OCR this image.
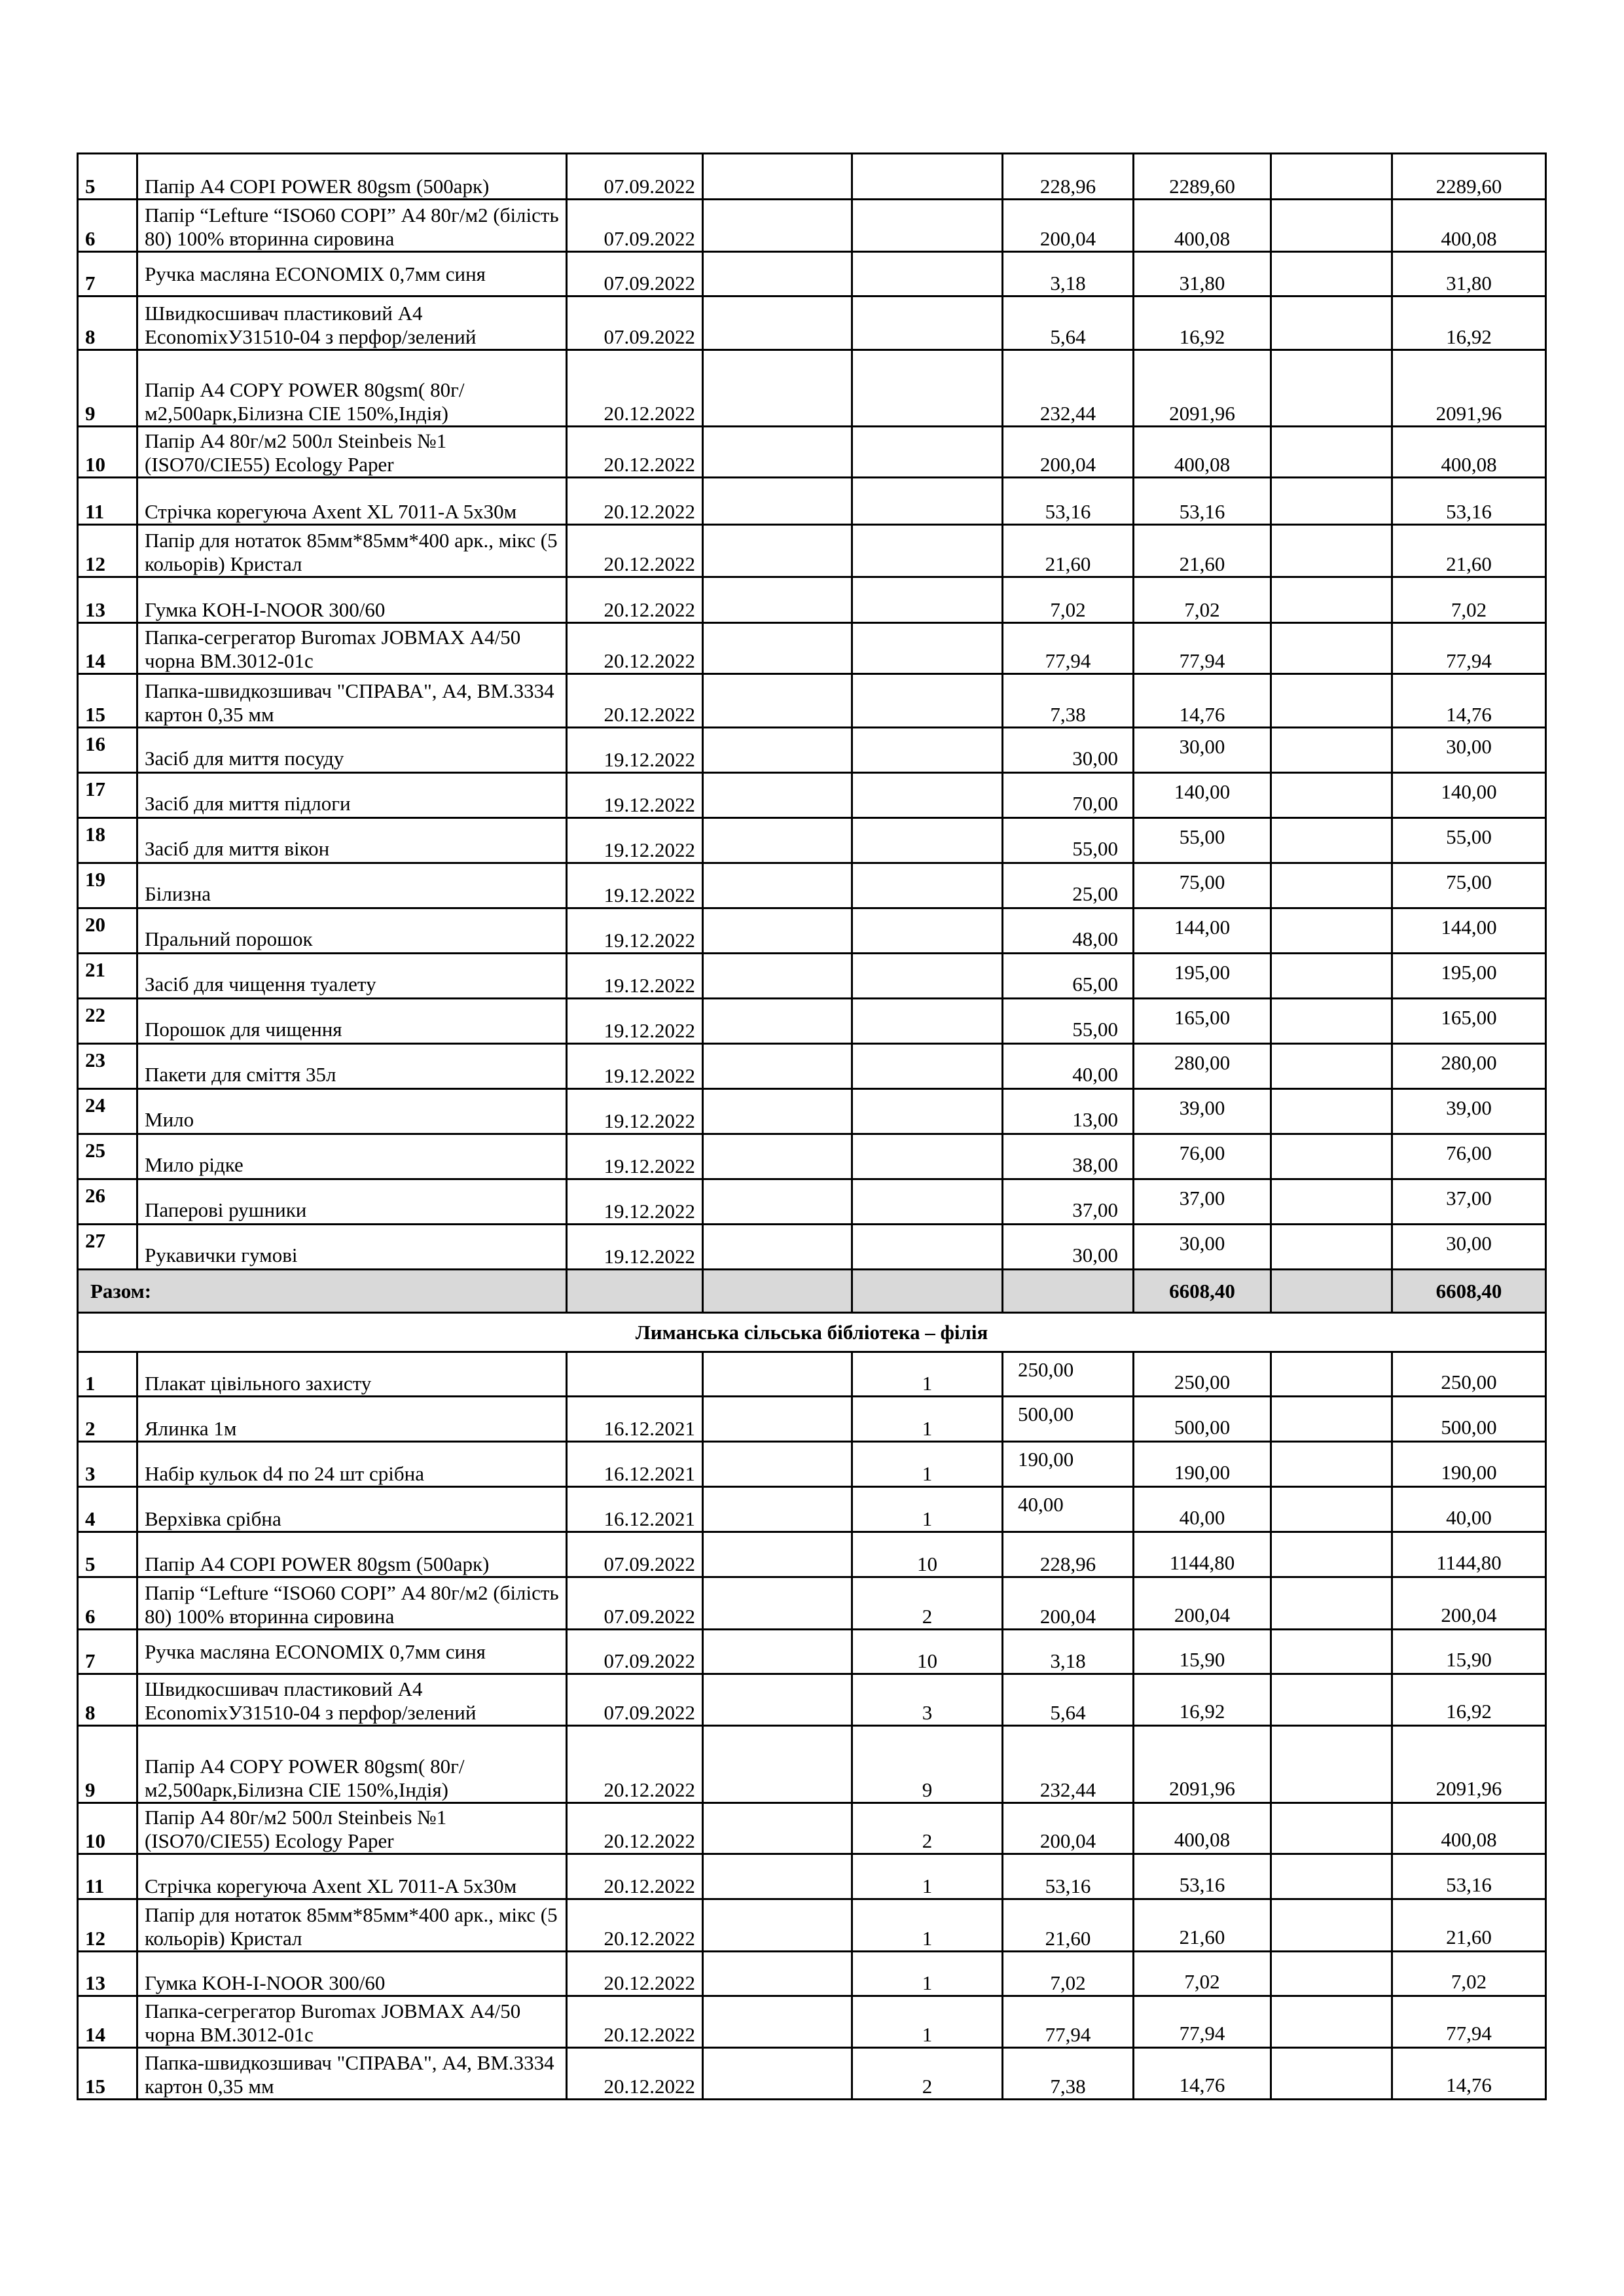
5	Папір А4 COPI POWER 80gsm (500арк)	07.09.2022			228,96	2289,60		2289,60
6	Папір “Lefture “ISO60 COPI” А4 80г/м2 (білість 80) 100% вторинна сировина	07.09.2022			200,04	400,08		400,08
7	Ручка масляна ECONOMIX 0,7мм синя	07.09.2022			3,18	31,80		31,80
8	Швидкосшивач пластиковий А4 EconomixУ31510-04 з перфор/зелений	07.09.2022			5,64	16,92		16,92
9	Папір А4 COPY POWER 80gsm( 80г/м2,500арк,Білизна CIE 150%,Індія)	20.12.2022			232,44	2091,96		2091,96
10	Папір А4 80г/м2 500л Steinbeis №1 (ISO70/CIE55) Ecology Paper	20.12.2022			200,04	400,08		400,08
11	Стрічка корегуюча Axent XL 7011-A 5х30м	20.12.2022			53,16	53,16		53,16
12	Папір для нотаток 85мм*85мм*400 арк., мікс (5 кольорів) Кристал	20.12.2022			21,60	21,60		21,60
13	Гумка KOH-I-NOOR 300/60	20.12.2022			7,02	7,02		7,02
14	Папка-сегрегатор Buromax JOBMAX А4/50 чорна ВМ.3012-01с	20.12.2022			77,94	77,94		77,94
15	Папка-швидкозшивач "СПРАВА", А4, ВМ.3334 картон 0,35 мм	20.12.2022			7,38	14,76		14,76
16	Засіб для миття посуду	19.12.2022			30,00	30,00		30,00
17	Засіб для миття підлоги	19.12.2022			70,00	140,00		140,00
18	Засіб для миття вікон	19.12.2022			55,00	55,00		55,00
19	Білизна	19.12.2022			25,00	75,00		75,00
20	Пральний порошок	19.12.2022			48,00	144,00		144,00
21	Засіб для чищення туалету	19.12.2022			65,00	195,00		195,00
22	Порошок для чищення	19.12.2022			55,00	165,00		165,00
23	Пакети для сміття 35л	19.12.2022			40,00	280,00		280,00
24	Мило	19.12.2022			13,00	39,00		39,00
25	Мило рідке	19.12.2022			38,00	76,00		76,00
26	Паперові рушники	19.12.2022			37,00	37,00		37,00
27	Рукавички гумові	19.12.2022			30,00	30,00		30,00
Разом:						6608,40		6608,40
Лиманська сільська бібліотека – філія								
1	Плакат цівільного захисту			1	250,00	250,00		250,00
2	Ялинка 1м	16.12.2021		1	500,00	500,00		500,00
3	Набір кульок d4 по 24 шт срібна	16.12.2021		1	190,00	190,00		190,00
4	Верхівка срібна	16.12.2021		1	40,00	40,00		40,00
5	Папір А4 COPI POWER 80gsm (500арк)	07.09.2022		10	228,96	1144,80		1144,80
6	Папір “Lefture “ISO60 COPI” А4 80г/м2 (білість 80) 100% вторинна сировина	07.09.2022		2	200,04	200,04		200,04
7	Ручка масляна ECONOMIX 0,7мм синя	07.09.2022		10	3,18	15,90		15,90
8	Швидкосшивач пластиковий А4 EconomixУ31510-04 з перфор/зелений	07.09.2022		3	5,64	16,92		16,92
9	Папір А4 COPY POWER 80gsm( 80г/м2,500арк,Білизна CIE 150%,Індія)	20.12.2022		9	232,44	2091,96		2091,96
10	Папір А4 80г/м2 500л Steinbeis №1 (ISO70/CIE55) Ecology Paper	20.12.2022		2	200,04	400,08		400,08
11	Стрічка корегуюча Axent XL 7011-A 5х30м	20.12.2022		1	53,16	53,16		53,16
12	Папір для нотаток 85мм*85мм*400 арк., мікс (5 кольорів) Кристал	20.12.2022		1	21,60	21,60		21,60
13	Гумка KOH-I-NOOR 300/60	20.12.2022		1	7,02	7,02		7,02
14	Папка-сегрегатор Buromax JOBMAX А4/50 чорна ВМ.3012-01с	20.12.2022		1	77,94	77,94		77,94
15	Папка-швидкозшивач "СПРАВА", А4, ВМ.3334 картон 0,35 мм	20.12.2022		2	7,38	14,76		14,76
